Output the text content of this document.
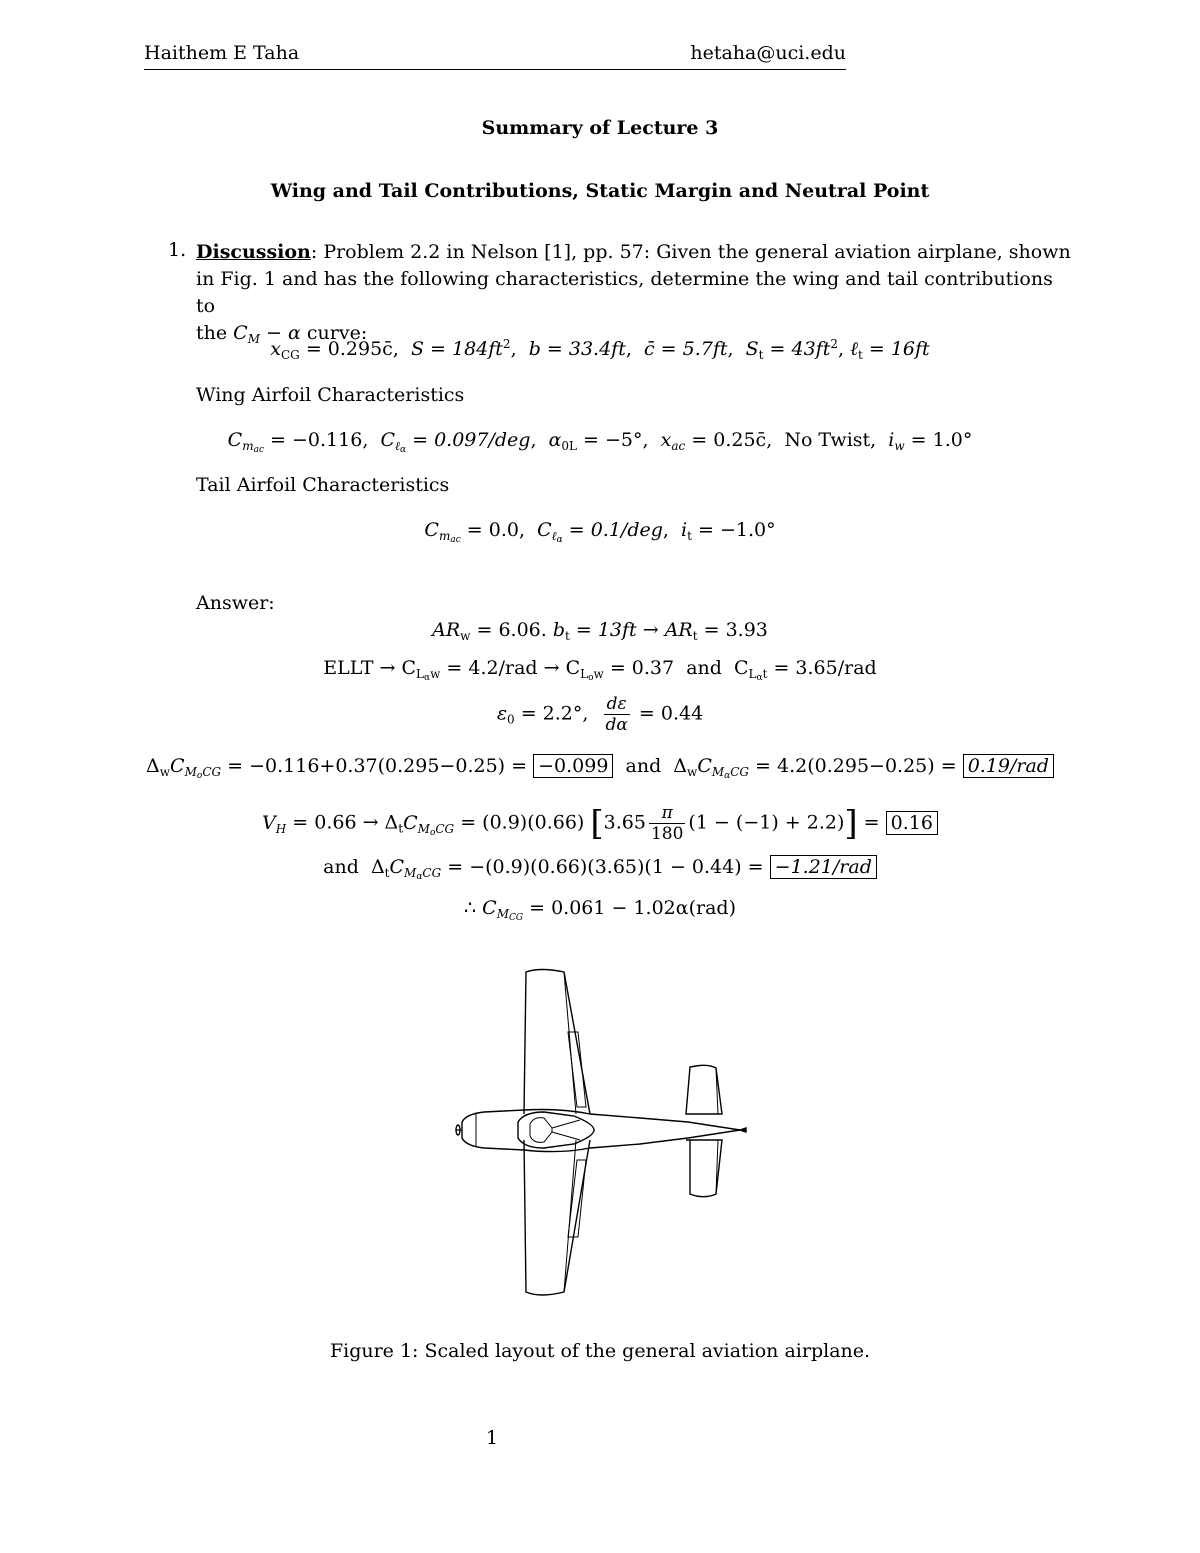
Haithem E Taha	hetaha@uci.edu
Summary of Lecture 3
Wing and Tail Contributions, Static Margin and Neutral Point
1. Discussion: Problem 2.2 in Nelson [1], pp. 57: Given the general aviation airplane, shown
in Fig. 1 and has the following characteristics, determine the wing and tail contributions to
the $C_M - \alpha$ curve:
$x_{CG}$ = 0.295c̄,  $S = 184ft^2$,  b = 33.4ft,  c̄ = 5.7ft,  $S_t = 43ft^2$, ℓ$_t$ = 16ft
Wing Airfoil Characteristics
$C_{m_{ac}} = -0.116$,  $C_{\ell_\alpha} = 0.097/deg$,  $\alpha_{0L} = -5^\circ$,  $x_{ac}$ = 0.25c̄,  No Twist,  $i_w = 1.0^\circ$
Tail Airfoil Characteristics
$C_{m_{ac}} = 0.0$,  $C_{\ell_\alpha} = 0.1/deg$,  $i_t = -1.0^\circ$
Answer:
$AR_w = 6.06$. $b_t = 13ft \to AR_t = 3.93$
ELLT → $C_{L_\alpha w} = 4.2/rad \to C_{L_ow} = 0.37$  and  $C_{L_\alpha t} = 3.65/rad$
$\varepsilon_0 = 2.2^\circ$, $\frac{d\varepsilon}{d\alpha} = 0.44$
$\Delta_wC_{M_oCG} = -0.116+0.37(0.295-0.25) = -0.099$  and  $\Delta_wC_{M_\alpha CG} = 4.2(0.295-0.25) = 0.19/rad$
$V_H = 0.66 \to \Delta_tC_{M_oCG} = (0.9)(0.66)$ $[3.65 \frac{\pi}{180} (1 - (-1) + 2.2)] = 0.16$
and  $\Delta_tC_{M_\alpha CG} = -(0.9)(0.66)(3.65)(1 - 0.44) = -1.21/rad$
∴ $C_{M_{CG}} = 0.061 - 1.02\alpha(rad)$
Figure 1: Scaled layout of the general aviation airplane.
1
